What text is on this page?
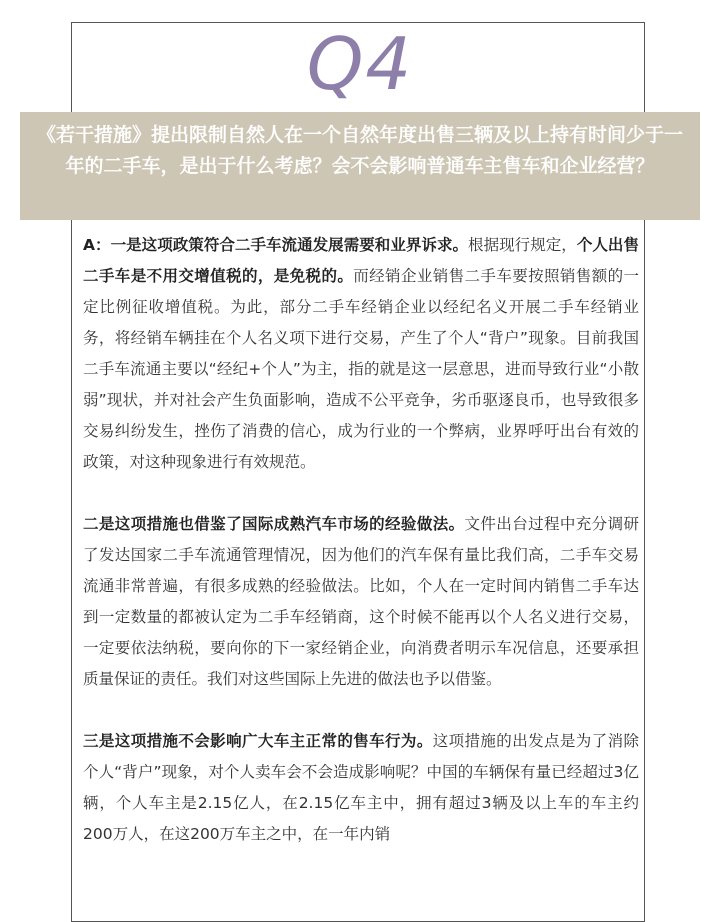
Q4

《若干措施》提出限制自然人在一个自然年度出售三辆及以上持有时间少于一年的二手车，是出于什么考虑？会不会影响普通车主售车和企业经营？

A：一是这项政策符合二手车流通发展需要和业界诉求。根据现行规定，个人出售二手车是不用交增值税的，是免税的。而经销企业销售二手车要按照销售额的一定比例征收增值税。为此，部分二手车经销企业以经纪名义开展二手车经销业务，将经销车辆挂在个人名义项下进行交易，产生了个人“背户”现象。目前我国二手车流通主要以“经纪+个人”为主，指的就是这一层意思，进而导致行业“小散弱”现状，并对社会产生负面影响，造成不公平竞争，劣币驱逐良币，也导致很多交易纠纷发生，挫伤了消费的信心，成为行业的一个弊病，业界呼吁出台有效的政策，对这种现象进行有效规范。

二是这项措施也借鉴了国际成熟汽车市场的经验做法。文件出台过程中充分调研了发达国家二手车流通管理情况，因为他们的汽车保有量比我们高，二手车交易流通非常普遍，有很多成熟的经验做法。比如，个人在一定时间内销售二手车达到一定数量的都被认定为二手车经销商，这个时候不能再以个人名义进行交易，一定要依法纳税，要向你的下一家经销企业，向消费者明示车况信息，还要承担质量保证的责任。我们对这些国际上先进的做法也予以借鉴。

三是这项措施不会影响广大车主正常的售车行为。这项措施的出发点是为了消除个人“背户”现象，对个人卖车会不会造成影响呢？中国的车辆保有量已经超过3亿辆，个人车主是2.15亿人，在2.15亿车主中，拥有超过3辆及以上车的车主约200万人，在这200万车主之中，在一年内销
